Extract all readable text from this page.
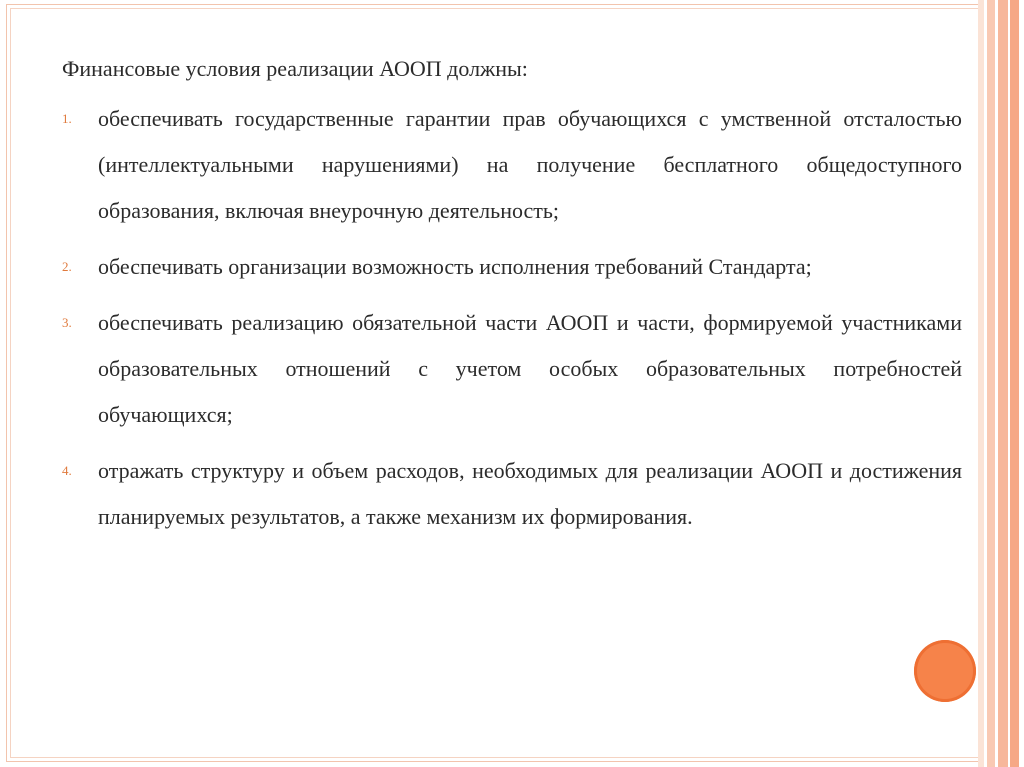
Финансовые условия реализации АООП должны:

1.	обеспечивать государственные гарантии прав обучающихся с умственной отсталостью (интеллектуальными нарушениями) на получение бесплатного общедоступного образования, включая внеурочную деятельность;
2.	обеспечивать организации возможность исполнения требований Стандарта;
3.	обеспечивать реализацию обязательной части АООП и части, формируемой участниками образовательных отношений с учетом особых образовательных потребностей обучающихся;
4.	отражать структуру и объем расходов, необходимых для реализации АООП и достижения планируемых результатов, а также механизм их формирования.
